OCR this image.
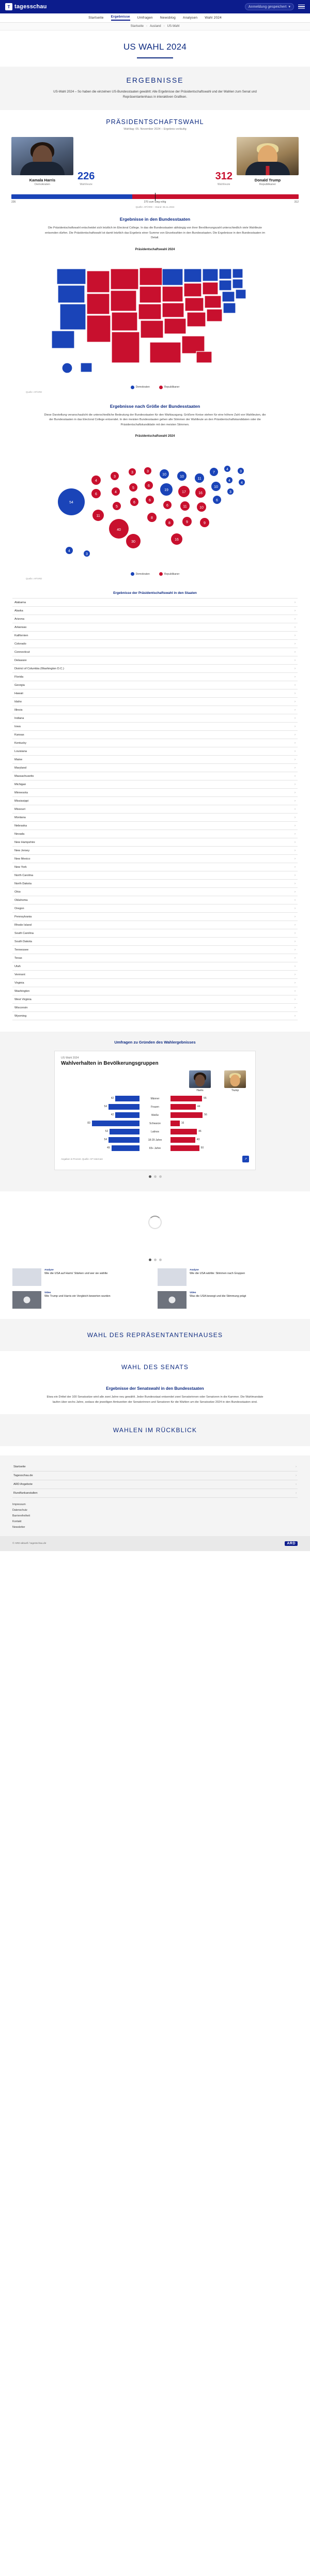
T tagesschau	Anmeldung gespeichert ▾
Startseite Ergebnisse Umfragen Newsblog Analysen Wahl 2024
Startseite › Ausland › US-Wahl
US WAHL 2024
ERGEBNISSE

US-Wahl 2024 – So haben die einzelnen US-Bundesstaaten gewählt: Alle Ergebnisse der Präsidentschaftswahl und der Wahlen zum Senat und Repräsentantenhaus in interaktiven Grafiken.

PRÄSIDENTSCHAFTSWAHL
Wahltag: 05. November 2024 – Ergebnis vorläufig
Kamala Harris
Demokraten
226
Wahlleute
312
Wahlleute
Donald Trump
Republikaner
226	270 zum Sieg nötig	312
Quelle: AP/ARD – Stand: 06.11.2024
Ergebnisse in den Bundesstaaten

Die Präsidentschaftswahl entscheidet sich letztlich im Electoral College. In das die Bundesstaaten abhängig von ihrer Bevölkerungszahl unterschiedlich viele Wahlleute entsenden dürfen. Die Präsidentschaftswahl ist damit letztlich das Ergebnis einer Summe von Einzelwahlen in den Bundesstaaten. Die Ergebnisse in den Bundesstaaten im Detail.

Präsidentschaftswahl 2024
Demokraten	Republikaner
Quelle: AP/ARD
Ergebnisse nach Größe der Bundesstaaten

Diese Darstellung veranschaulicht die unterschiedliche Bedeutung der Bundesstaaten für den Wahlausgang. Größere Kreise stehen für eine höhere Zahl von Wahlleuten, die der Bundesstaaten in das Electoral College entsendet. In den meisten Bundesstaaten gehen alle Stimmen der Wahlleute an den Präsidentschaftskandidaten oder die Präsidentschaftskandidatin mit den meisten Stimmen.

Präsidentschaftswahl 2024
54
4
6
11
3
4
5
40
3
5
6
3
6
6
8
10
19
6
8
10
17
11
9
11
16
10
9
7
10
6
4
4
3
3
4
30
16
4
3
Demokraten	Republikaner
Quelle: AP/ARD
Ergebnisse der Präsidentschaftswahl in den Staaten
Alabama	›
Alaska	›
Arizona	›
Arkansas	›
Kalifornien	›
Colorado	›
Connecticut	›
Delaware	›
District of Columbia (Washington D.C.)	›
Florida	›
Georgia	›
Hawaii	›
Idaho	›
Illinois	›
Indiana	›
Iowa	›
Kansas	›
Kentucky	›
Louisiana	›
Maine	›
Maryland	›
Massachusetts	›
Michigan	›
Minnesota	›
Mississippi	›
Missouri	›
Montana	›
Nebraska	›
Nevada	›
New Hampshire	›
New Jersey	›
New Mexico	›
New York	›
North Carolina	›
North Dakota	›
Ohio	›
Oklahoma	›
Oregon	›
Pennsylvania	›
Rhode Island	›
South Carolina	›
South Dakota	›
Tennessee	›
Texas	›
Utah	›
Vermont	›
Virginia	›
Washington	›
West Virginia	›
Wisconsin	›
Wyoming	›
Umfragen zu Gründen des Wahlergebnisses
US Wahl 2024
Wahlverhalten in Bevölkerungsgruppen
Harris	Trump
42	Männer	55
54	Frauen	44
42	Weiße	56
83	Schwarze	16
52	Latinos	46
54	18-29 Jahre	43
49	65+ Jahre	50
Angaben in Prozent. Quelle: AP VoteCast	↗
Analyse
Wie die USA auf Harris' Stärken und wer sie wählte
Analyse
Wie die USA wählte: Stimmen nach Gruppen
Video
Wie Trump und Harris ein Vergleich bewerten wurden
Video
Was die USA bewegt und die Stimmung prägt
WAHL DES REPRÄSENTANTENHAUSES
WAHL DES SENATS
Ergebnisse der Senatswahl in den Bundesstaaten

Etwa ein Drittel der 100 Senatssitze wird alle zwei Jahre neu gewählt. Jeder Bundesstaat entsendet zwei Senatorinnen oder Senatoren in die Kammer. Die Wahlmandate laufen über sechs Jahre, sodass die jeweiligen Amtszeiten der Senatorinnen und Senatoren für die Wahlen um die Senatssitze 2024 in den Bundesstaaten sind.

WAHLEN IM RÜCKBLICK
Startseite	›
Tagesschau.de	›
ARD Angebote	›
Rundfunkanstalten	›
Impressum
Datenschutz
Barrierefreiheit
Kontakt
Newsletter
© ARD-aktuell / tagesschau.de	ARD
